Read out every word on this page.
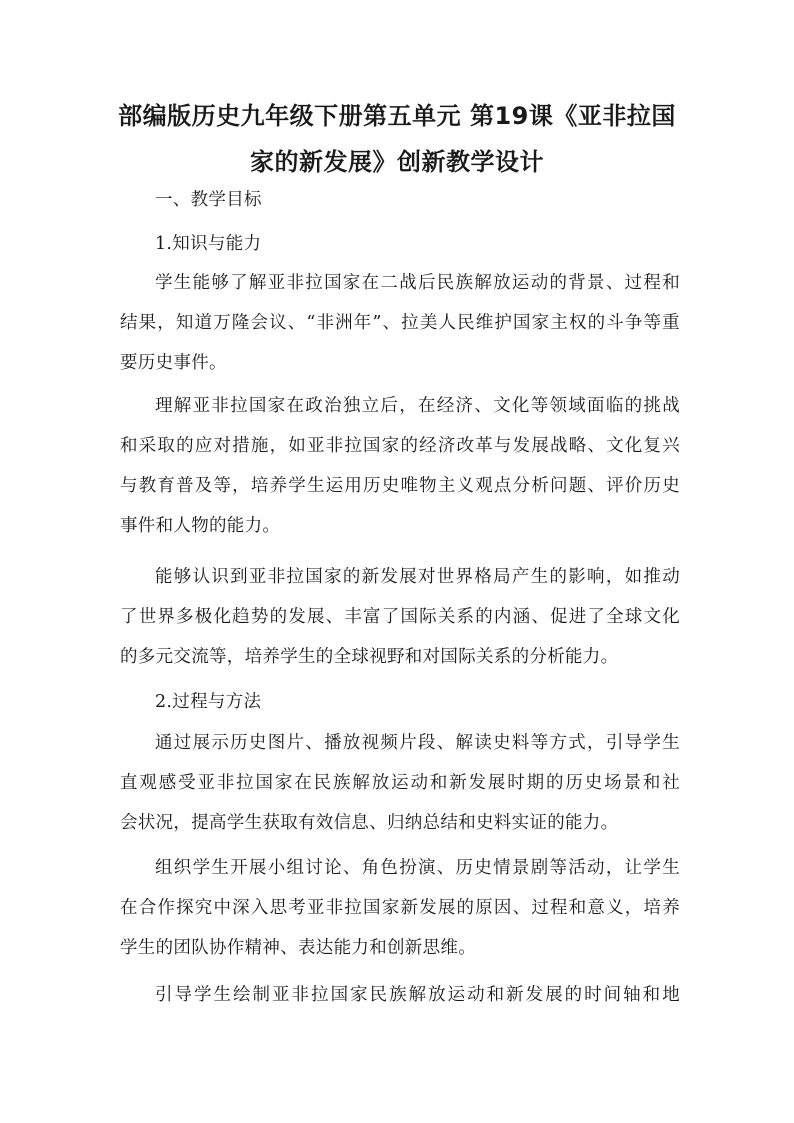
部编版历史九年级下册第五单元 第19课《亚非拉国
家的新发展》创新教学设计

一、教学目标

1.知识与能力

学生能够了解亚非拉国家在二战后民族解放运动的背景、过程和

结果，知道万隆会议、“非洲年”、拉美人民维护国家主权的斗争等重

要历史事件。

理解亚非拉国家在政治独立后，在经济、文化等领域面临的挑战

和采取的应对措施，如亚非拉国家的经济改革与发展战略、文化复兴

与教育普及等，培养学生运用历史唯物主义观点分析问题、评价历史

事件和人物的能力。

能够认识到亚非拉国家的新发展对世界格局产生的影响，如推动

了世界多极化趋势的发展、丰富了国际关系的内涵、促进了全球文化

的多元交流等，培养学生的全球视野和对国际关系的分析能力。

2.过程与方法

通过展示历史图片、播放视频片段、解读史料等方式，引导学生

直观感受亚非拉国家在民族解放运动和新发展时期的历史场景和社

会状况，提高学生获取有效信息、归纳总结和史料实证的能力。

组织学生开展小组讨论、角色扮演、历史情景剧等活动，让学生

在合作探究中深入思考亚非拉国家新发展的原因、过程和意义，培养

学生的团队协作精神、表达能力和创新思维。

引导学生绘制亚非拉国家民族解放运动和新发展的时间轴和地
